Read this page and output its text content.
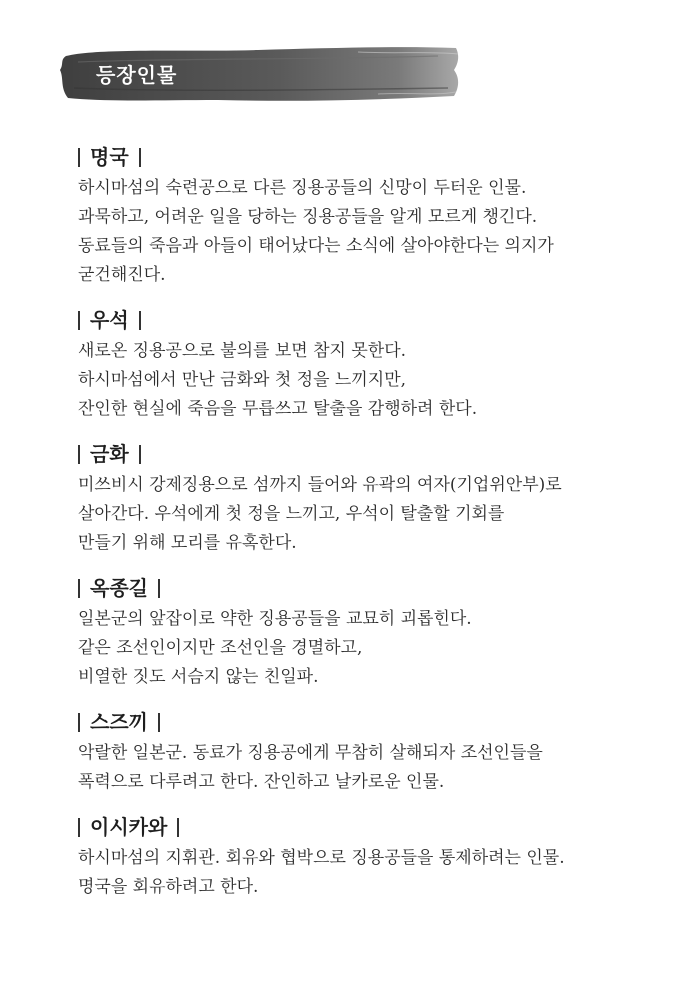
등장인물
명국
하시마섬의 숙련공으로 다른 징용공들의 신망이 두터운 인물.
과묵하고, 어려운 일을 당하는 징용공들을 알게 모르게 챙긴다.
동료들의 죽음과 아들이 태어났다는 소식에 살아야한다는 의지가
굳건해진다.
우석
새로온 징용공으로 불의를 보면 참지 못한다.
하시마섬에서 만난 금화와 첫 정을 느끼지만,
잔인한 현실에 죽음을 무릅쓰고 탈출을 감행하려 한다.
금화
미쓰비시 강제징용으로 섬까지 들어와 유곽의 여자(기업위안부)로
살아간다. 우석에게 첫 정을 느끼고, 우석이 탈출할 기회를
만들기 위해 모리를 유혹한다.
옥종길
일본군의 앞잡이로 약한 징용공들을 교묘히 괴롭힌다.
같은 조선인이지만 조선인을 경멸하고,
비열한 짓도 서슴지 않는 친일파.
스즈끼
악랄한 일본군. 동료가 징용공에게 무참히 살해되자 조선인들을
폭력으로 다루려고 한다. 잔인하고 날카로운 인물.
이시카와
하시마섬의 지휘관. 회유와 협박으로 징용공들을 통제하려는 인물.
명국을 회유하려고 한다.
